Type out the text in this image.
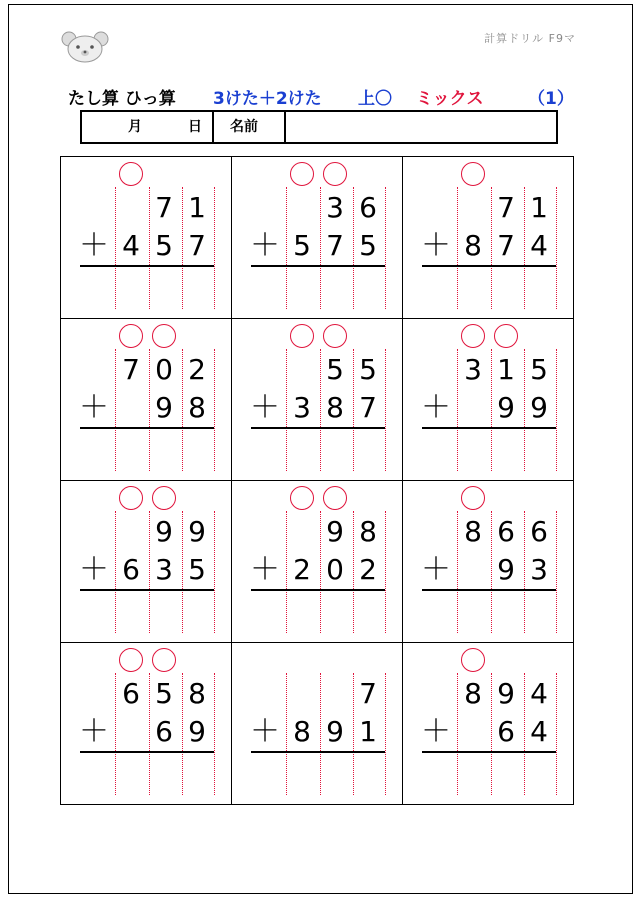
計算ドリル F9マ
たし算 ひっ算 3けた＋2けた 上〇 ミックス	（1）
月	日 名前
7 1
＋ 4 5 7
3 6
＋ 5 7 5
7 1
＋ 8 7 4
7 0 2
＋ 9 8
5 5
＋ 3 8 7
3 1 5
＋ 9 9
9 9
＋ 6 3 5
9 8
＋ 2 0 2
8 6 6
＋ 9 3
6 5 8
＋ 6 9
7
＋ 8 9 1
8 9 4
＋ 6 4
